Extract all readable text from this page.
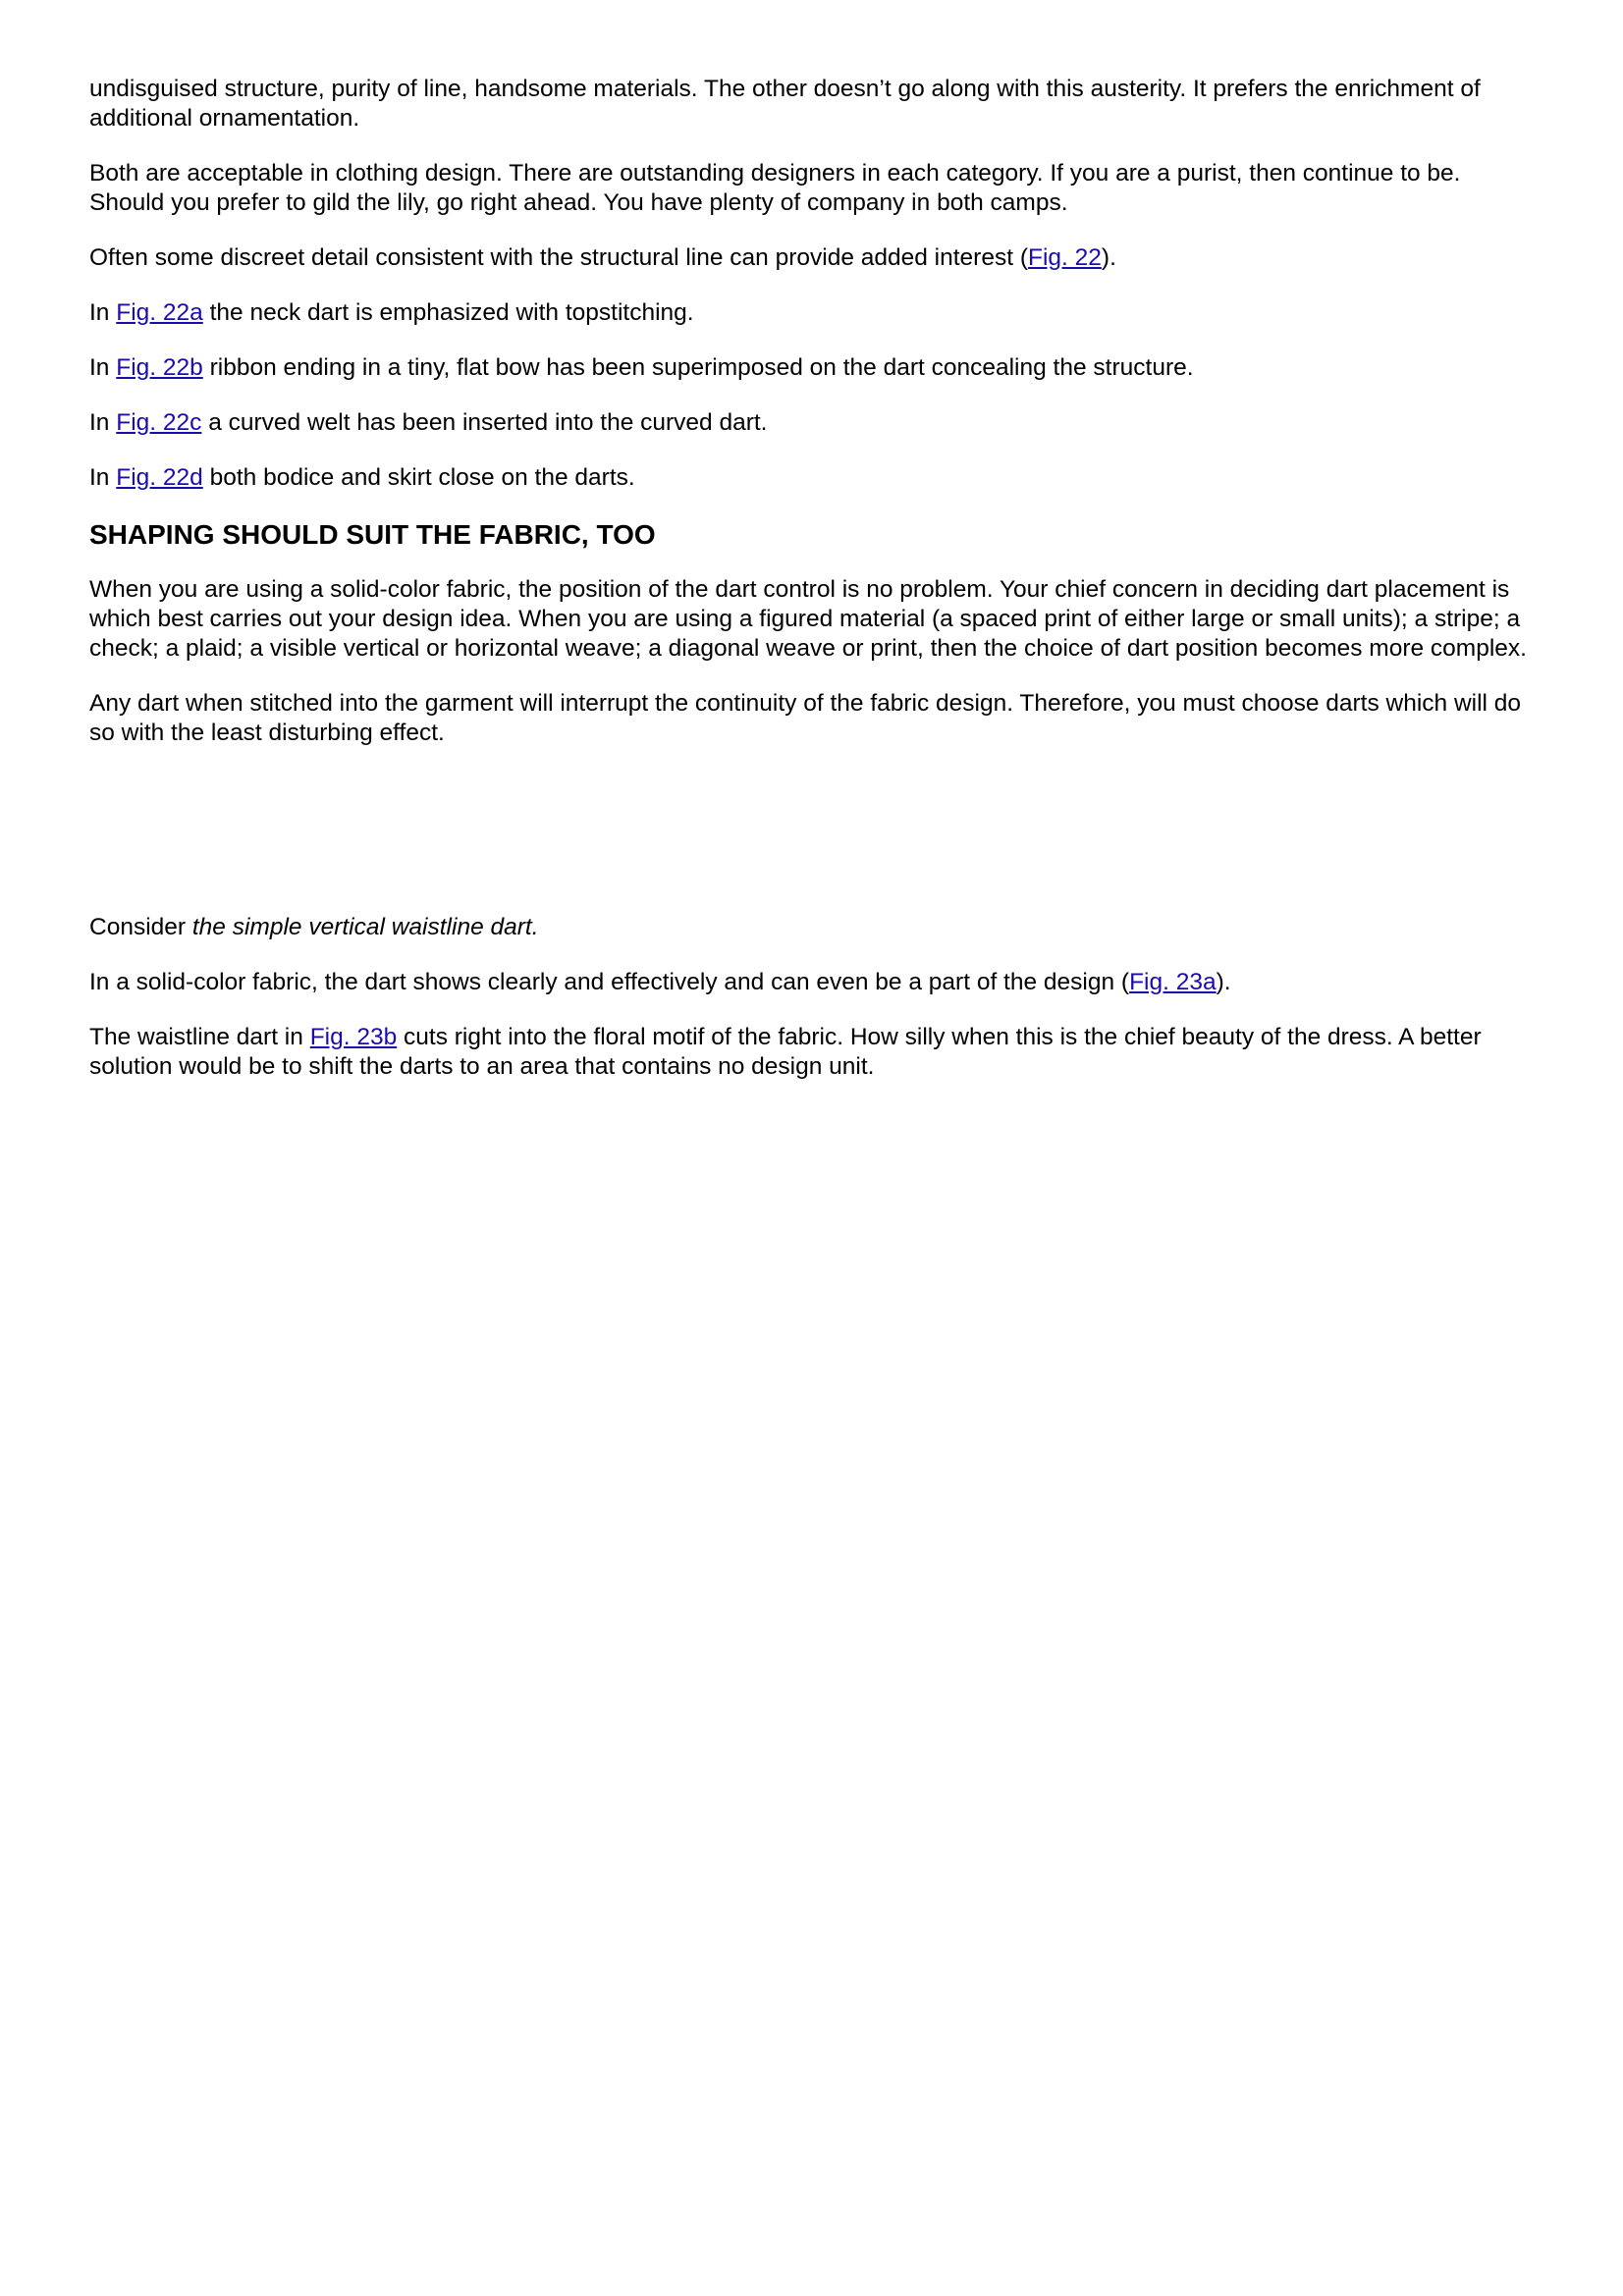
undisguised structure, purity of line, handsome materials. The other doesn’t go along with this austerity. It prefers the enrichment of additional ornamentation.

Both are acceptable in clothing design. There are outstanding designers in each category. If you are a purist, then continue to be. Should you prefer to gild the lily, go right ahead. You have plenty of company in both camps.

Often some discreet detail consistent with the structural line can provide added interest (Fig. 22).

In Fig. 22a the neck dart is emphasized with topstitching.

In Fig. 22b ribbon ending in a tiny, flat bow has been superimposed on the dart concealing the structure.

In Fig. 22c a curved welt has been inserted into the curved dart.

In Fig. 22d both bodice and skirt close on the darts.

SHAPING SHOULD SUIT THE FABRIC, TOO

When you are using a solid-color fabric, the position of the dart control is no problem. Your chief concern in deciding dart placement is which best carries out your design idea. When you are using a figured material (a spaced print of either large or small units); a stripe; a check; a plaid; a visible vertical or horizontal weave; a diagonal weave or print, then the choice of dart position becomes more complex.

Any dart when stitched into the garment will interrupt the continuity of the fabric design. Therefore, you must choose darts which will do so with the least disturbing effect.

Consider the simple vertical waistline dart.

In a solid-color fabric, the dart shows clearly and effectively and can even be a part of the design (Fig. 23a).

The waistline dart in Fig. 23b cuts right into the floral motif of the fabric. How silly when this is the chief beauty of the dress. A better solution would be to shift the darts to an area that contains no design unit.
